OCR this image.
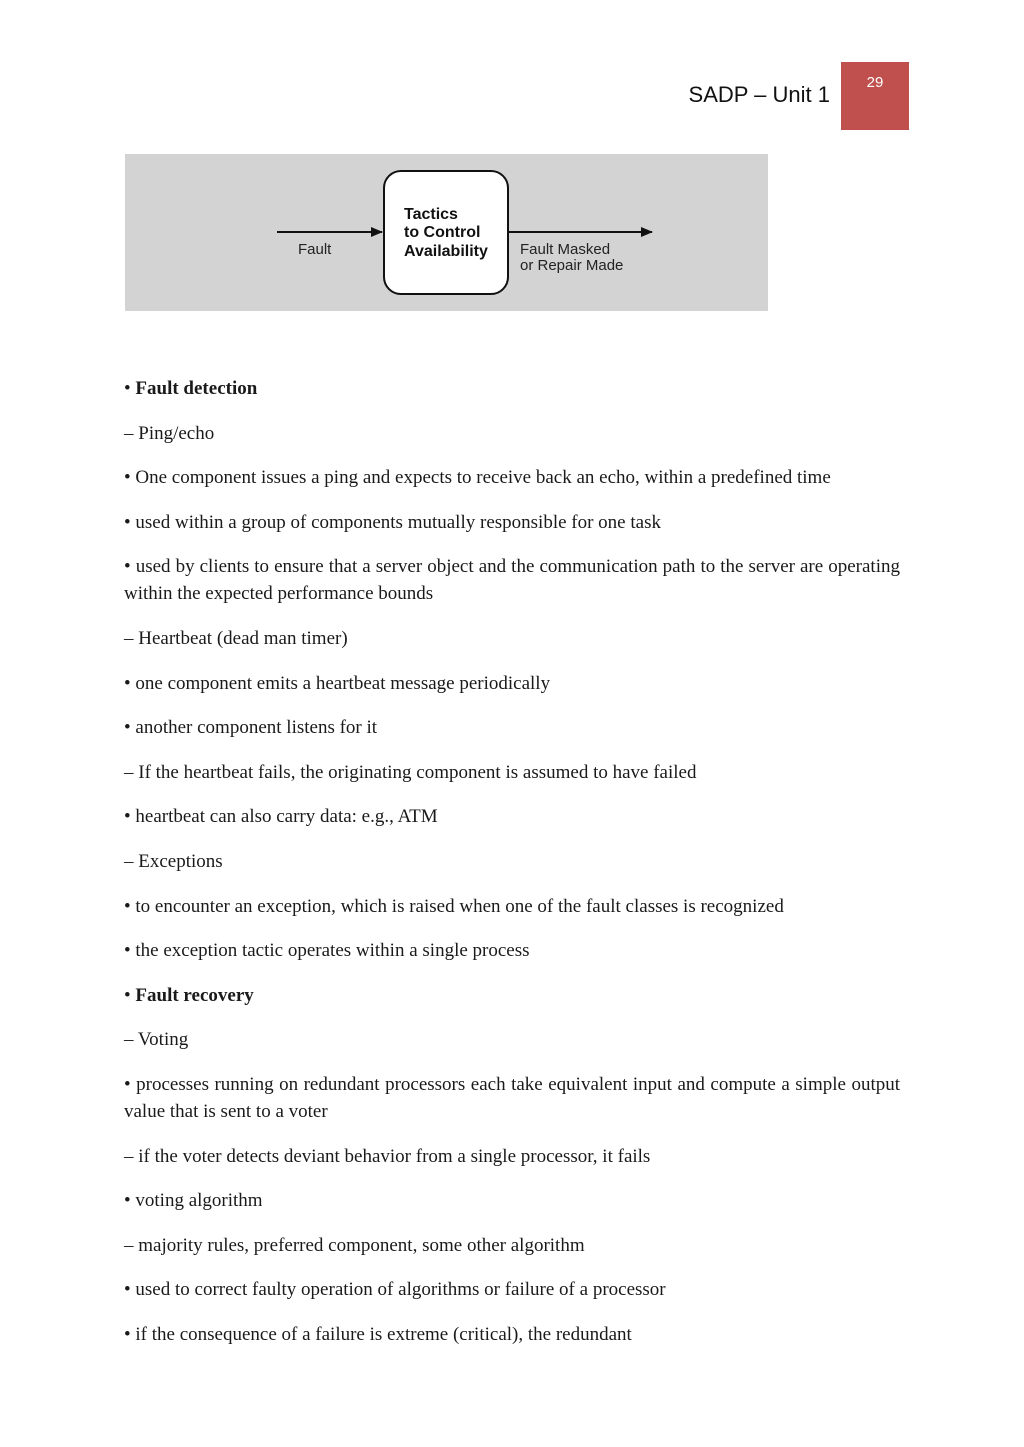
SADP – Unit 1	29
Fault
Tactics to Control Availability Fault Masked or Repair Made

• Fault detection

– Ping/echo

• One component issues a ping and expects to receive back an echo, within a predefined time

• used within a group of components mutually responsible for one task

• used by clients to ensure that a server object and the communication path to the server are operating within the expected performance bounds

– Heartbeat (dead man timer)

• one component emits a heartbeat message periodically

• another component listens for it

– If the heartbeat fails, the originating component is assumed to have failed

• heartbeat can also carry data: e.g., ATM

– Exceptions

• to encounter an exception, which is raised when one of the fault classes is recognized

• the exception tactic operates within a single process

• Fault recovery

– Voting

• processes running on redundant processors each take equivalent input and compute a simple output value that is sent to a voter

– if the voter detects deviant behavior from a single processor, it fails

• voting algorithm

– majority rules, preferred component, some other algorithm

• used to correct faulty operation of algorithms or failure of a processor

• if the consequence of a failure is extreme (critical), the redundant
